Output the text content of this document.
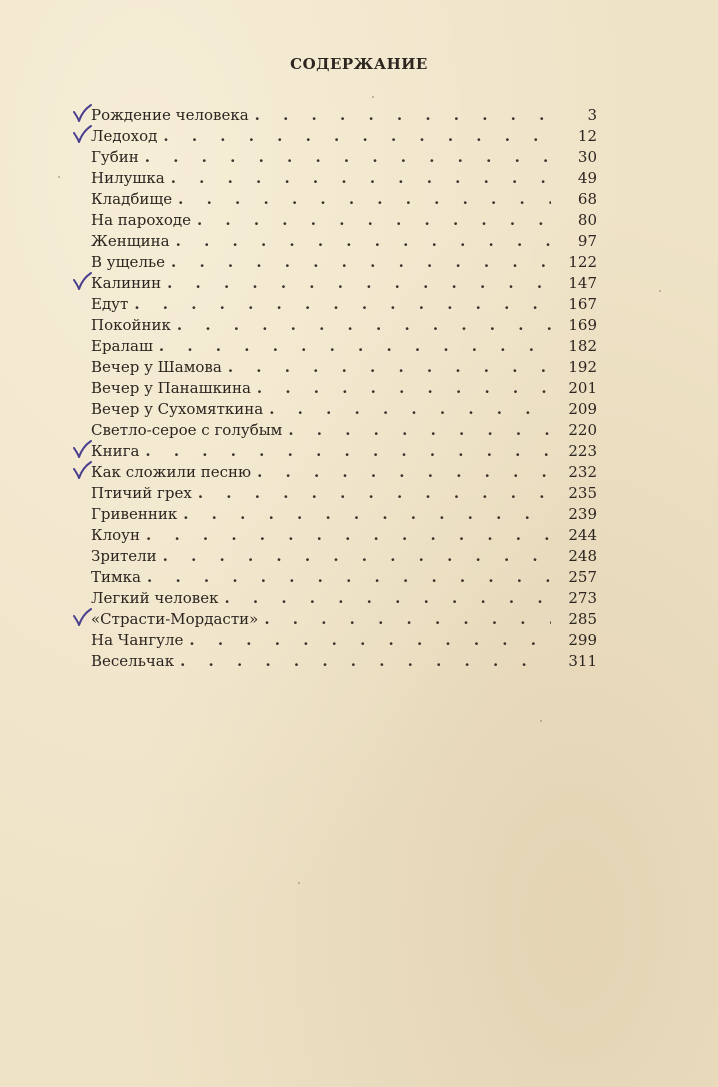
СОДЕРЖАНИЕ
Рождение человека . . .	3
Ледоход . . .	12
Губин . . .	30
Нилушка . . .	49
Кладбище . . .	68
На пароходе . . .	80
Женщина . . .	97
В ущелье . . .	122
Калинин . . .	147
Едут . . .	167
Покойник . . .	169
Ералаш . . .	182
Вечер у Шамова . . .	192
Вечер у Панашкина . . .	201
Вечер у Сухомяткина . . .	209
Светло-серое с голубым . . .	220
Книга . . .	223
Как сложили песню . . .	232
Птичий грех . . .	235
Гривенник . . .	239
Клоун . . .	244
Зрители . . .	248
Тимка . . .	257
Легкий человек . . .	273
«Страсти-Мордасти» . . .	285
На Чангуле . . .	299
Весельчак . . .	311
